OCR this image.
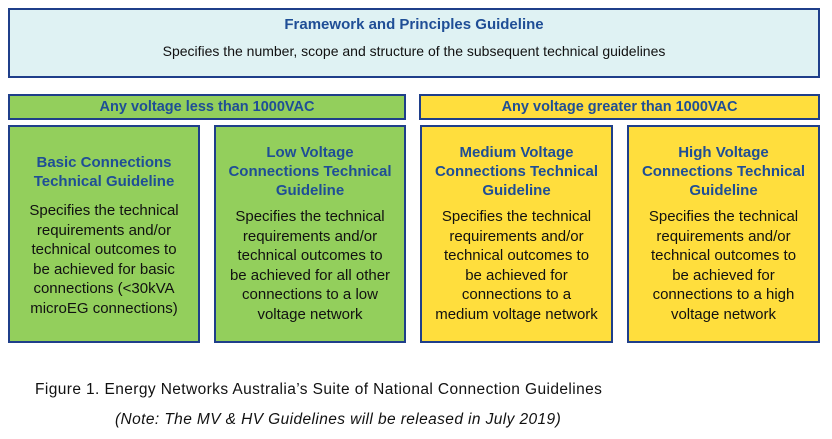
Framework and Principles Guideline
Specifies the number, scope and structure of the subsequent technical guidelines
Any voltage less than 1000VAC	Any voltage greater than 1000VAC
Basic Connections
Technical Guideline
Specifies the technical
requirements and/or
technical outcomes to
be achieved for basic
connections (<30kVA
microEG connections)
Low Voltage
Connections Technical
Guideline
Specifies the technical
requirements and/or
technical outcomes to
be achieved for all other
connections to a low
voltage network
Medium Voltage
Connections Technical
Guideline
Specifies the technical
requirements and/or
technical outcomes to
be achieved for
connections to a
medium voltage network
High Voltage
Connections Technical
Guideline
Specifies the technical
requirements and/or
technical outcomes to
be achieved for
connections to a high
voltage network
Figure 1. Energy Networks Australia’s Suite of National Connection Guidelines
(Note: The MV & HV Guidelines will be released in July 2019)
